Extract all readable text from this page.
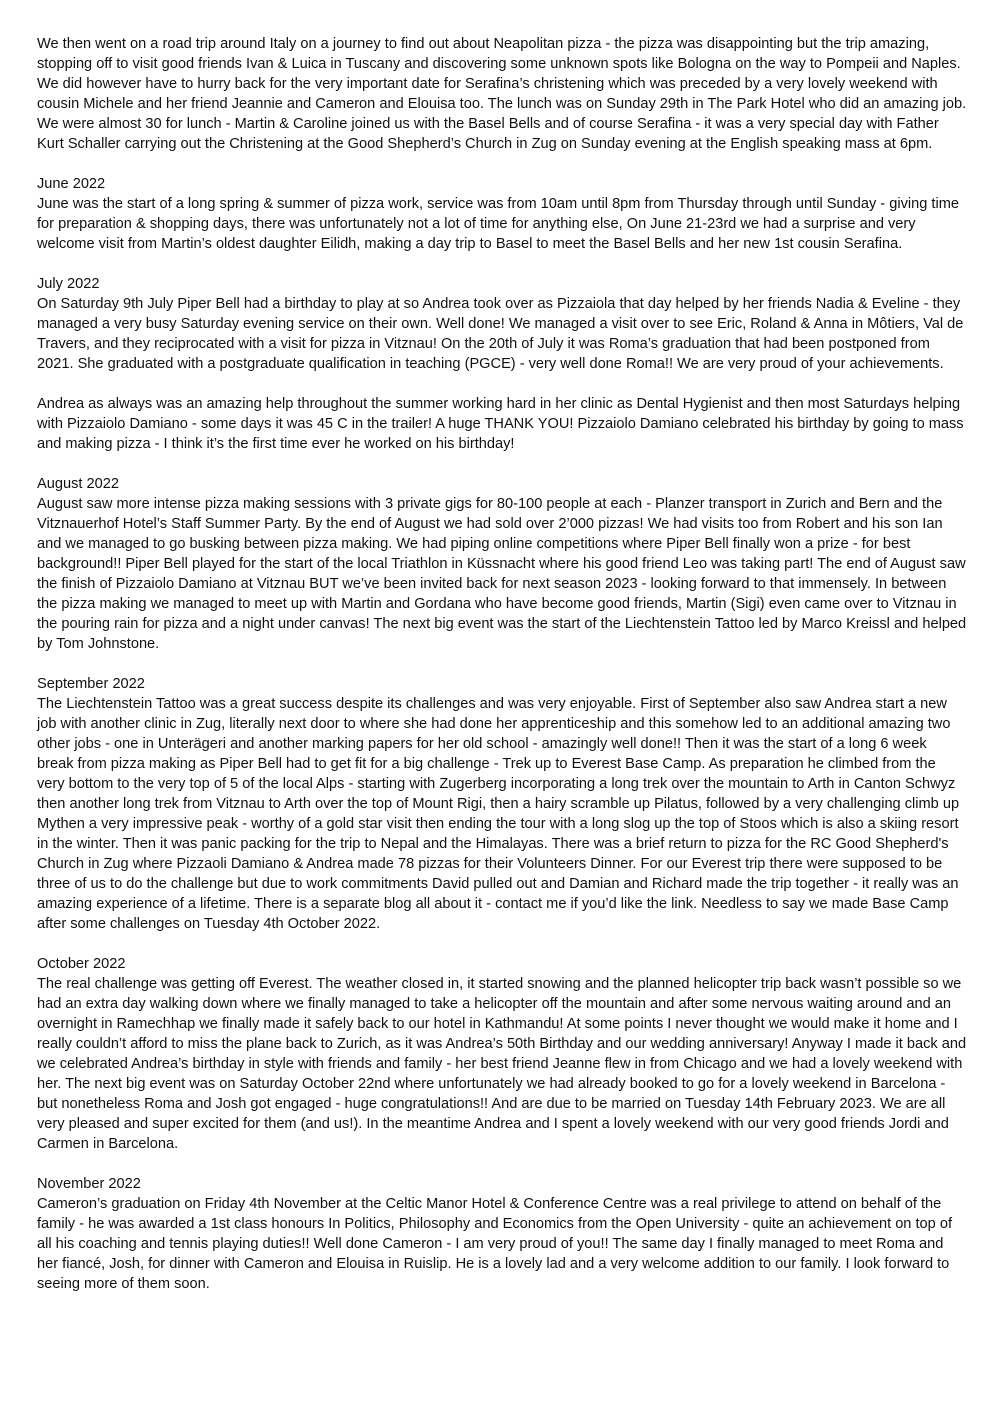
We then went on a road trip around Italy on a journey to find out about Neapolitan pizza - the pizza was disappointing but the trip amazing, stopping off to visit good friends Ivan & Luica in Tuscany and discovering some unknown spots like Bologna on the way to Pompeii and Naples.

We did however have to hurry back for the very important date for Serafina’s christening which was preceded by a very lovely weekend with cousin Michele and her friend Jeannie and Cameron and Elouisa too. The lunch was on Sunday 29th in The Park Hotel who did an amazing job. We were almost 30 for lunch - Martin & Caroline joined us with the Basel Bells and of course Serafina - it was a very special day with Father Kurt Schaller carrying out the Christening at the Good Shepherd’s Church in Zug on Sunday evening at the English speaking mass at 6pm.

June 2022

June was the start of a long spring & summer of pizza work, service was from 10am until 8pm from Thursday through until Sunday - giving time for preparation & shopping days, there was unfortunately not a lot of time for anything else, On June 21-23rd we had a surprise and very welcome visit from Martin’s oldest daughter Eilidh, making a day trip to Basel to meet the Basel Bells and her new 1st cousin Serafina.

July 2022

On Saturday 9th July Piper Bell had a birthday to play at so Andrea took over as Pizzaiola that day helped by her friends Nadia & Eveline - they managed a very busy Saturday evening service on their own. Well done! We managed a visit over to see Eric, Roland & Anna in Môtiers, Val de Travers, and they reciprocated with a visit for pizza in Vitznau! On the 20th of July it was Roma’s graduation that had been postponed from 2021. She graduated with a postgraduate qualification in teaching (PGCE) - very well done Roma!! We are very proud of your achievements.

Andrea as always was an amazing help throughout the summer working hard in her clinic as Dental Hygienist and then most Saturdays helping with Pizzaiolo Damiano - some days it was 45 C in the trailer! A huge THANK YOU! Pizzaiolo Damiano celebrated his birthday by going to mass and making pizza - I think it’s the first time ever he worked on his birthday!

August 2022

August saw more intense pizza making sessions with 3 private gigs for 80-100 people at each - Planzer transport in Zurich and Bern and the Vitznauerhof Hotel’s Staff Summer Party. By the end of August we had sold over 2’000 pizzas! We had visits too from Robert and his son Ian and we managed to go busking between pizza making. We had piping online competitions where Piper Bell finally won a prize - for best background!! Piper Bell played for the start of the local Triathlon in Küssnacht where his good friend Leo was taking part! The end of August saw the finish of Pizzaiolo Damiano at Vitznau BUT we’ve been invited back for next season 2023 - looking forward to that immensely. In between the pizza making we managed to meet up with Martin and Gordana who have become good friends, Martin (Sigi) even came over to Vitznau in the pouring rain for pizza and a night under canvas! The next big event was the start of the Liechtenstein Tattoo led by Marco Kreissl and helped by Tom Johnstone.

September 2022

The Liechtenstein Tattoo was a great success despite its challenges and was very enjoyable. First of September also saw Andrea start a new job with another clinic in Zug, literally next door to where she had done her apprenticeship and this somehow led to an additional amazing two other jobs - one in Unterägeri and another marking papers for her old school - amazingly well done!! Then it was the start of a long 6 week break from pizza making as Piper Bell had to get fit for a big challenge - Trek up to Everest Base Camp. As preparation he climbed from the very bottom to the very top of 5 of the local Alps - starting with Zugerberg incorporating a long trek over the mountain to Arth in Canton Schwyz then another long trek from Vitznau to Arth over the top of Mount Rigi, then a hairy scramble up Pilatus, followed by a very challenging climb up Mythen a very impressive peak - worthy of a gold star visit then ending the tour with a long slog up the top of Stoos which is also a skiing resort in the winter. Then it was panic packing for the trip to Nepal and the Himalayas. There was a brief return to pizza for the RC Good Shepherd's Church in Zug where Pizzaoli Damiano & Andrea made 78 pizzas for their Volunteers Dinner. For our Everest trip there were supposed to be three of us to do the challenge but due to work commitments David pulled out and Damian and Richard made the trip together - it really was an amazing experience of a lifetime. There is a separate blog all about it - contact me if you’d like the link. Needless to say we made Base Camp after some challenges on Tuesday 4th October 2022.

October 2022

The real challenge was getting off Everest. The weather closed in, it started snowing and the planned helicopter trip back wasn’t possible so we had an extra day walking down where we finally managed to take a helicopter off the mountain and after some nervous waiting around and an overnight in Ramechhap we finally made it safely back to our hotel in Kathmandu! At some points I never thought we would make it home and I really couldn’t afford to miss the plane back to Zurich, as it was Andrea’s 50th Birthday and our wedding anniversary! Anyway I made it back and we celebrated Andrea’s birthday in style with friends and family - her best friend Jeanne flew in from Chicago and we had a lovely weekend with her. The next big event was on Saturday October 22nd where unfortunately we had already booked to go for a lovely weekend in Barcelona - but nonetheless Roma and Josh got engaged - huge congratulations!! And are due to be married on Tuesday 14th February 2023. We are all very pleased and super excited for them (and us!). In the meantime Andrea and I spent a lovely weekend with our very good friends Jordi and Carmen in Barcelona.

November 2022

Cameron’s graduation on Friday 4th November at the Celtic Manor Hotel & Conference Centre was a real privilege to attend on behalf of the family - he was awarded a 1st class honours In Politics, Philosophy and Economics from the Open University - quite an achievement on top of all his coaching and tennis playing duties!! Well done Cameron - I am very proud of you!! The same day I finally managed to meet Roma and her fiancé, Josh, for dinner with Cameron and Elouisa in Ruislip. He is a lovely lad and a very welcome addition to our family. I look forward to seeing more of them soon.
